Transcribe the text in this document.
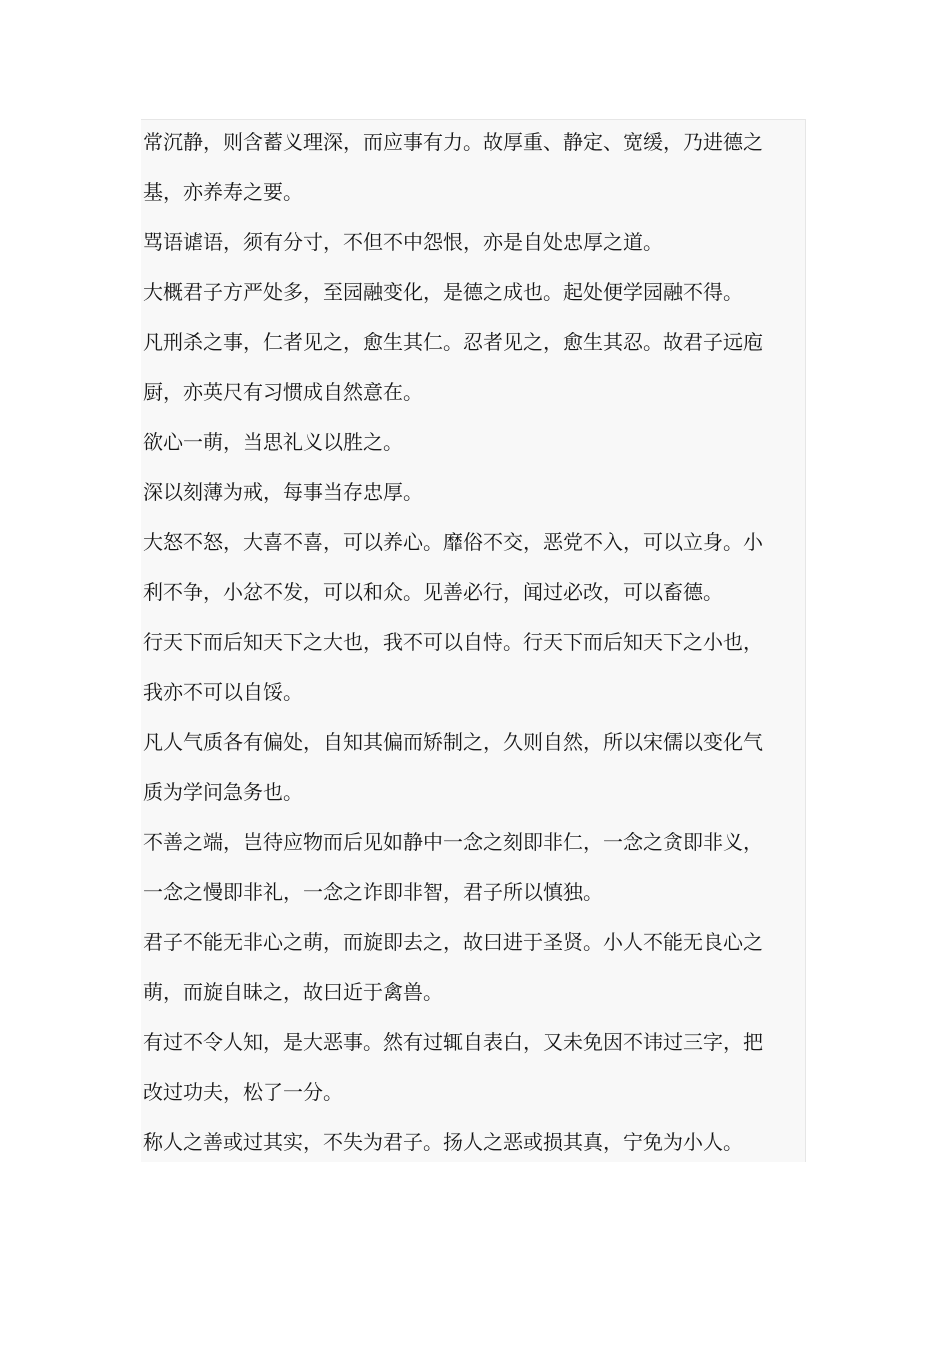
常沉静，则含蓄义理深，而应事有力。故厚重、静定、宽缓，乃进德之
基，亦养寿之要。

骂语谑语，须有分寸，不但不中怨恨，亦是自处忠厚之道。

大概君子方严处多，至园融变化，是德之成也。起处便学园融不得。

凡刑杀之事，仁者见之，愈生其仁。忍者见之，愈生其忍。故君子远庖
厨，亦英尺有习惯成自然意在。

欲心一萌，当思礼义以胜之。

深以刻薄为戒，每事当存忠厚。

大怒不怒，大喜不喜，可以养心。靡俗不交，恶党不入，可以立身。小
利不争，小忿不发，可以和众。见善必行，闻过必改，可以畜德。

行天下而后知天下之大也，我不可以自恃。行天下而后知天下之小也，
我亦不可以自馁。

凡人气质各有偏处，自知其偏而矫制之，久则自然，所以宋儒以变化气
质为学问急务也。

不善之端，岂待应物而后见如静中一念之刻即非仁，一念之贪即非义，
一念之慢即非礼，一念之诈即非智，君子所以慎独。

君子不能无非心之萌，而旋即去之，故曰进于圣贤。小人不能无良心之
萌，而旋自昧之，故曰近于禽兽。

有过不令人知，是大恶事。然有过辄自表白，又未免因不讳过三字，把
改过功夫，松了一分。

称人之善或过其实，不失为君子。扬人之恶或损其真，宁免为小人。
